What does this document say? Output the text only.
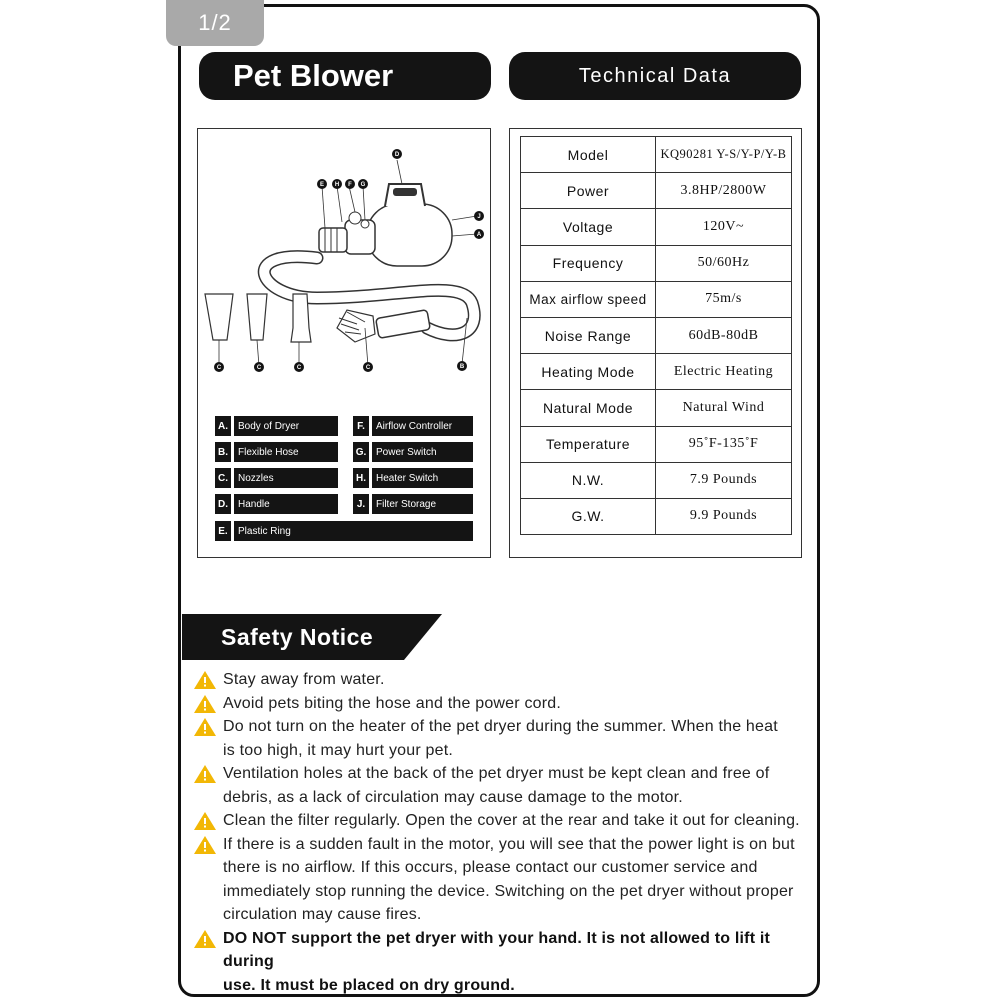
1/2
Pet Blower	Technical Data
D
E H F G
J
A
B
C	C	C	C
A.	Body of Dryer
B.	Flexible Hose
C.	Nozzles
D.	Handle
E.	Plastic Ring
F.	Airflow Controller
G. Power Switch
H.	Heater Switch
J.	Filter Storage
Model	KQ90281 Y-S/Y-P/Y-B
Power	3.8HP/2800W
Voltage	120V~
Frequency	50/60Hz
Max airflow speed	75m/s
Noise Range	60dB-80dB
Heating Mode	Electric Heating
Natural Mode	Natural Wind
Temperature	95˚F-135˚F
N.W.	7.9 Pounds
G.W.	9.9 Pounds
Safety Notice
Stay away from water.
Avoid pets biting the hose and the power cord.
Do not turn on the heater of the pet dryer during the summer. When the heat
is too high, it may hurt your pet.
Ventilation holes at the back of the pet dryer must be kept clean and free of
debris, as a lack of circulation may cause damage to the motor.
Clean the filter regularly. Open the cover at the rear and take it out for cleaning.
If there is a sudden fault in the motor, you will see that the power light is on but
there is no airflow. If this occurs, please contact our customer service and
immediately stop running the device. Switching on the pet dryer without proper
circulation may cause fires.
DO NOT support the pet dryer with your hand. It is not allowed to lift it during
use. It must be placed on dry ground.
